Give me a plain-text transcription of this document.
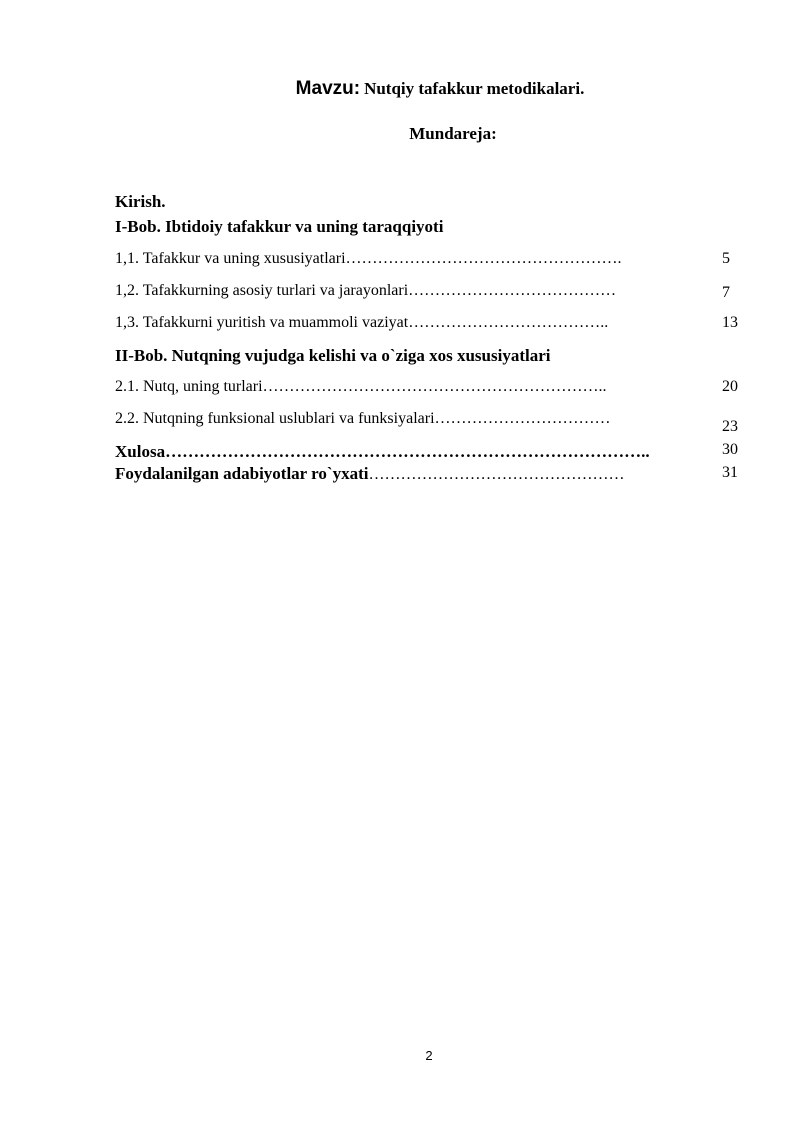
Mavzu: Nutqiy tafakkur metodikalari.
Mundareja:
Kirish.
I-Bob. Ibtidoiy tafakkur va uning taraqqiyoti
1,1. Tafakkur va uning xususiyatlari…………………………………………….	5
1,2. Tafakkurning asosiy turlari va jarayonlari…………………………………	7
1,3. Tafakkurni yuritish va muammoli vaziyat………………………………..	13
II-Bob. Nutqning vujudga kelishi va o`ziga xos xususiyatlari
2.1. Nutq, uning turlari………………………………………………………..	20
2.2. Nutqning funksional uslublari va funksiyalari……………………………	23
Xulosa…………………………………………………………………………..	30
Foydalanilgan adabiyotlar ro`yxati…………………………………………	31
2
